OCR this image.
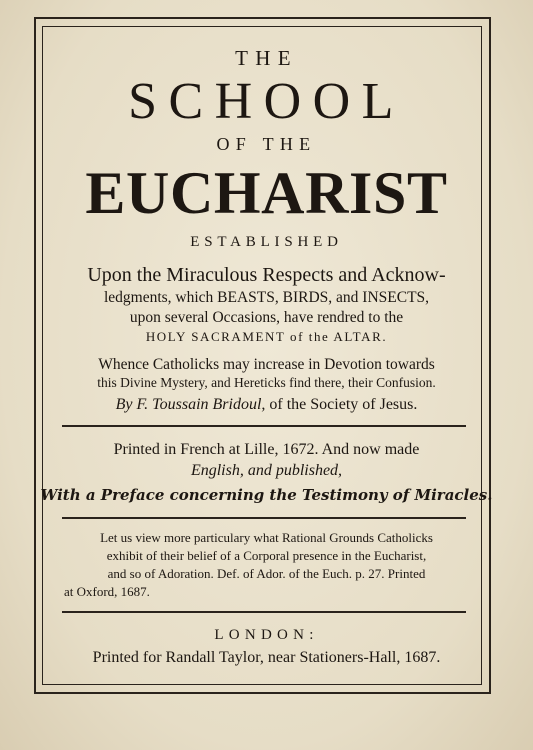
THE
SCHOOL
OF THE
EUCHARIST
ESTABLISHED
Upon the Miraculous Respects and Acknow-
ledgments, which BEASTS, BIRDS, and INSECTS,
upon several Occasions, have rendred to the
HOLY SACRAMENT of the ALTAR.
Whence Catholicks may increase in Devotion towards
this Divine Mystery, and Hereticks find there, their Confusion.
By F. Toussain Bridoul, of the Society of Jesus.
Printed in French at Lille, 1672. And now made
English, and published,
With a Preface concerning the Testimony of Miracles.
Let us view more particulary what Rational Grounds Catholicks
exhibit of their belief of a Corporal presence in the Eucharist,
and so of Adoration. Def. of Ador. of the Euch. p. 27. Printed
at Oxford, 1687.
LONDON:
Printed for Randall Taylor, near Stationers-Hall, 1687.
